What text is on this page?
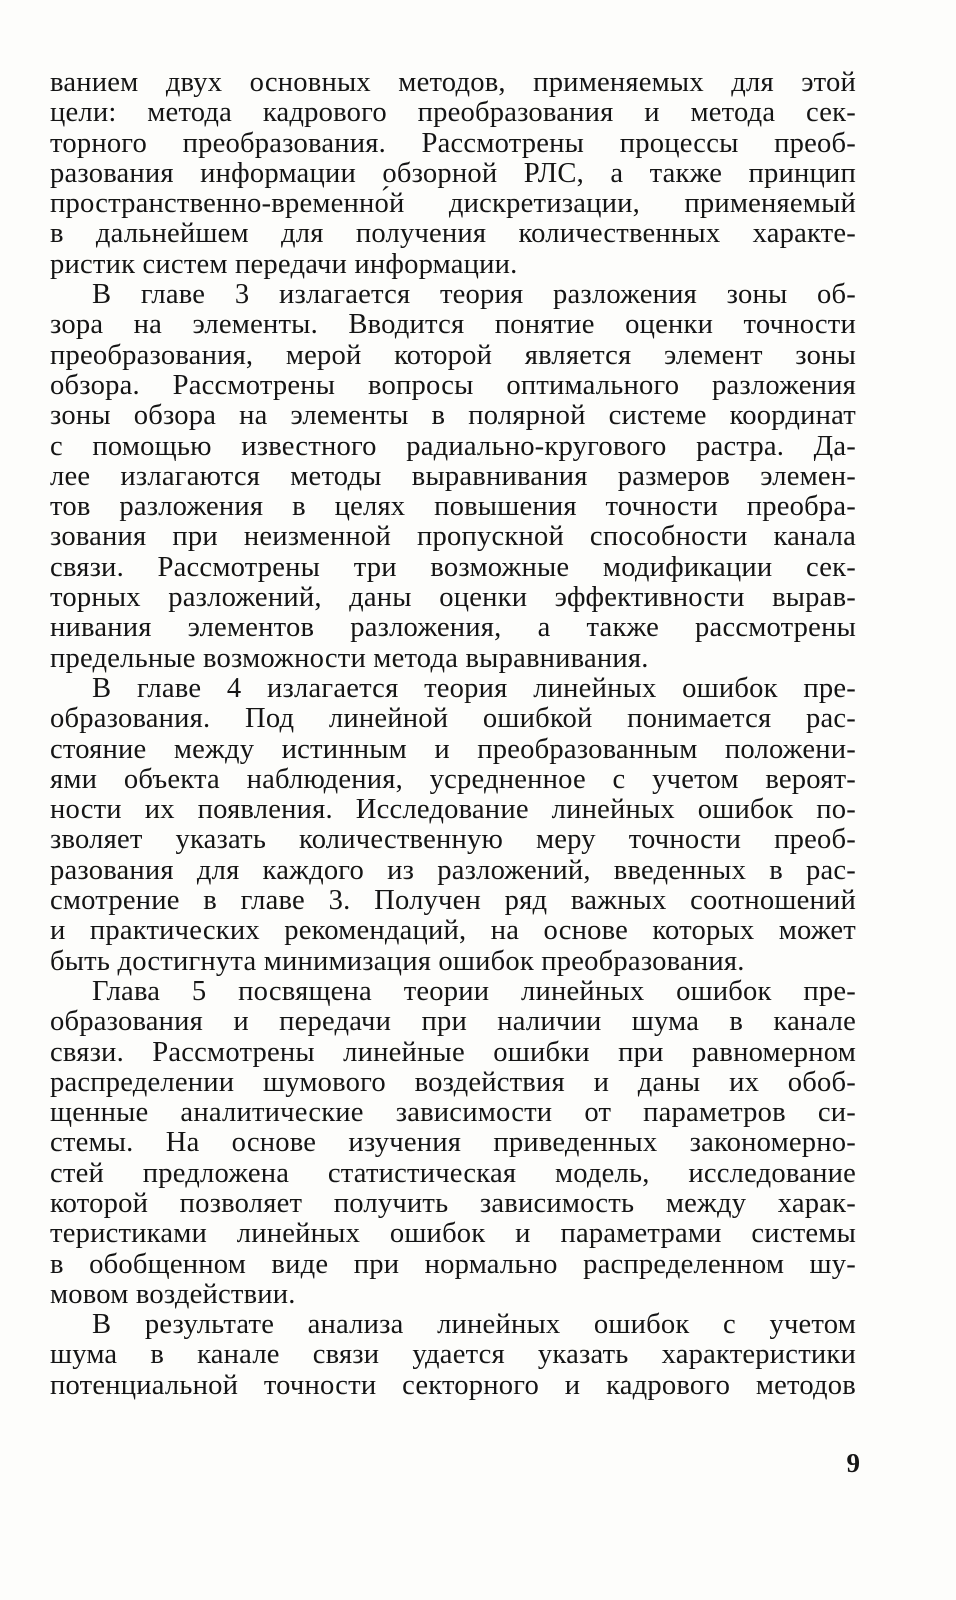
ванием двух основных методов, применяемых для этой
цели: метода кадрового преобразования и метода сек-
торного преобразования. Рассмотрены процессы преоб-
разования информации обзорной РЛС, а также принцип
пространственно-временно́й дискретизации, применяемый
в дальнейшем для получения количественных характе-
ристик систем передачи информации.
В главе 3 излагается теория разложения зоны об-
зора на элементы. Вводится понятие оценки точности
преобразования, мерой которой является элемент зоны
обзора. Рассмотрены вопросы оптимального разложения
зоны обзора на элементы в полярной системе координат
с помощью известного радиально-кругового растра. Да-
лее излагаются методы выравнивания размеров элемен-
тов разложения в целях повышения точности преобра-
зования при неизменной пропускной способности канала
связи. Рассмотрены три возможные модификации сек-
торных разложений, даны оценки эффективности вырав-
нивания элементов разложения, а также рассмотрены
предельные возможности метода выравнивания.
В главе 4 излагается теория линейных ошибок пре-
образования. Под линейной ошибкой понимается рас-
стояние между истинным и преобразованным положени-
ями объекта наблюдения, усредненное с учетом вероят-
ности их появления. Исследование линейных ошибок по-
зволяет указать количественную меру точности преоб-
разования для каждого из разложений, введенных в рас-
смотрение в главе 3. Получен ряд важных соотношений
и практических рекомендаций, на основе которых может
быть достигнута минимизация ошибок преобразования.
Глава 5 посвящена теории линейных ошибок пре-
образования и передачи при наличии шума в канале
связи. Рассмотрены линейные ошибки при равномерном
распределении шумового воздействия и даны их обоб-
щенные аналитические зависимости от параметров си-
стемы. На основе изучения приведенных закономерно-
стей предложена статистическая модель, исследование
которой позволяет получить зависимость между харак-
теристиками линейных ошибок и параметрами системы
в обобщенном виде при нормально распределенном шу-
мовом воздействии.
В результате анализа линейных ошибок с учетом
шума в канале связи удается указать характеристики
потенциальной точности секторного и кадрового методов
9
